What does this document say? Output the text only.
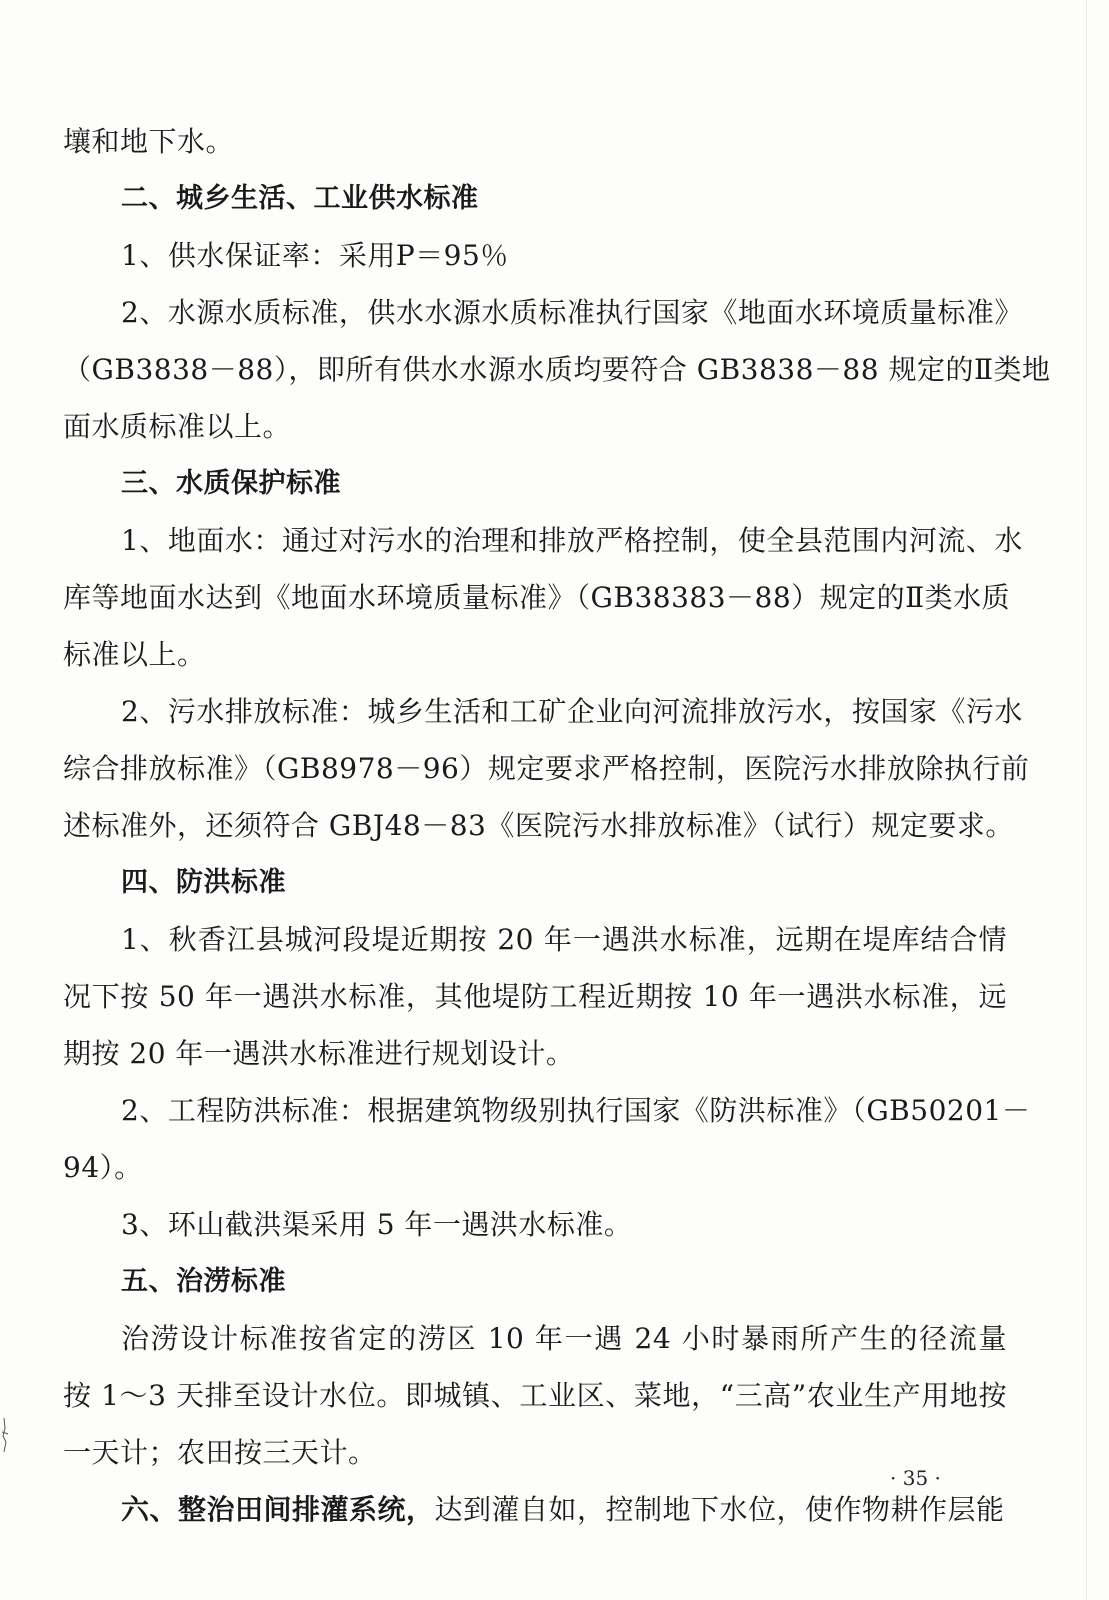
壤和地下水。
二、城乡生活、工业供水标准
1、供水保证率：采用P＝95％
2、水源水质标准，供水水源水质标准执行国家《地面水环境质量标准》
（GB3838－88），即所有供水水源水质均要符合 GB3838－88 规定的Ⅱ类地
面水质标准以上。
三、水质保护标准
1、地面水：通过对污水的治理和排放严格控制，使全县范围内河流、水
库等地面水达到《地面水环境质量标准》（GB38383－88）规定的Ⅱ类水质
标准以上。
2、污水排放标准：城乡生活和工矿企业向河流排放污水，按国家《污水
综合排放标准》（GB8978－96）规定要求严格控制，医院污水排放除执行前
述标准外，还须符合 GBJ48－83《医院污水排放标准》（试行）规定要求。
四、防洪标准
1、秋香江县城河段堤近期按 20 年一遇洪水标准，远期在堤库结合情
况下按 50 年一遇洪水标准，其他堤防工程近期按 10 年一遇洪水标准，远
期按 20 年一遇洪水标准进行规划设计。
2、工程防洪标准：根据建筑物级别执行国家《防洪标准》（GB50201－
94）。
3、环山截洪渠采用 5 年一遇洪水标准。
五、治涝标准
治涝设计标准按省定的涝区 10 年一遇 24 小时暴雨所产生的径流量
按 1～3 天排至设计水位。即城镇、工业区、菜地，“三高”农业生产用地按
一天计；农田按三天计。
六、整治田间排灌系统，达到灌自如，控制地下水位，使作物耕作层能
· 35 ·
